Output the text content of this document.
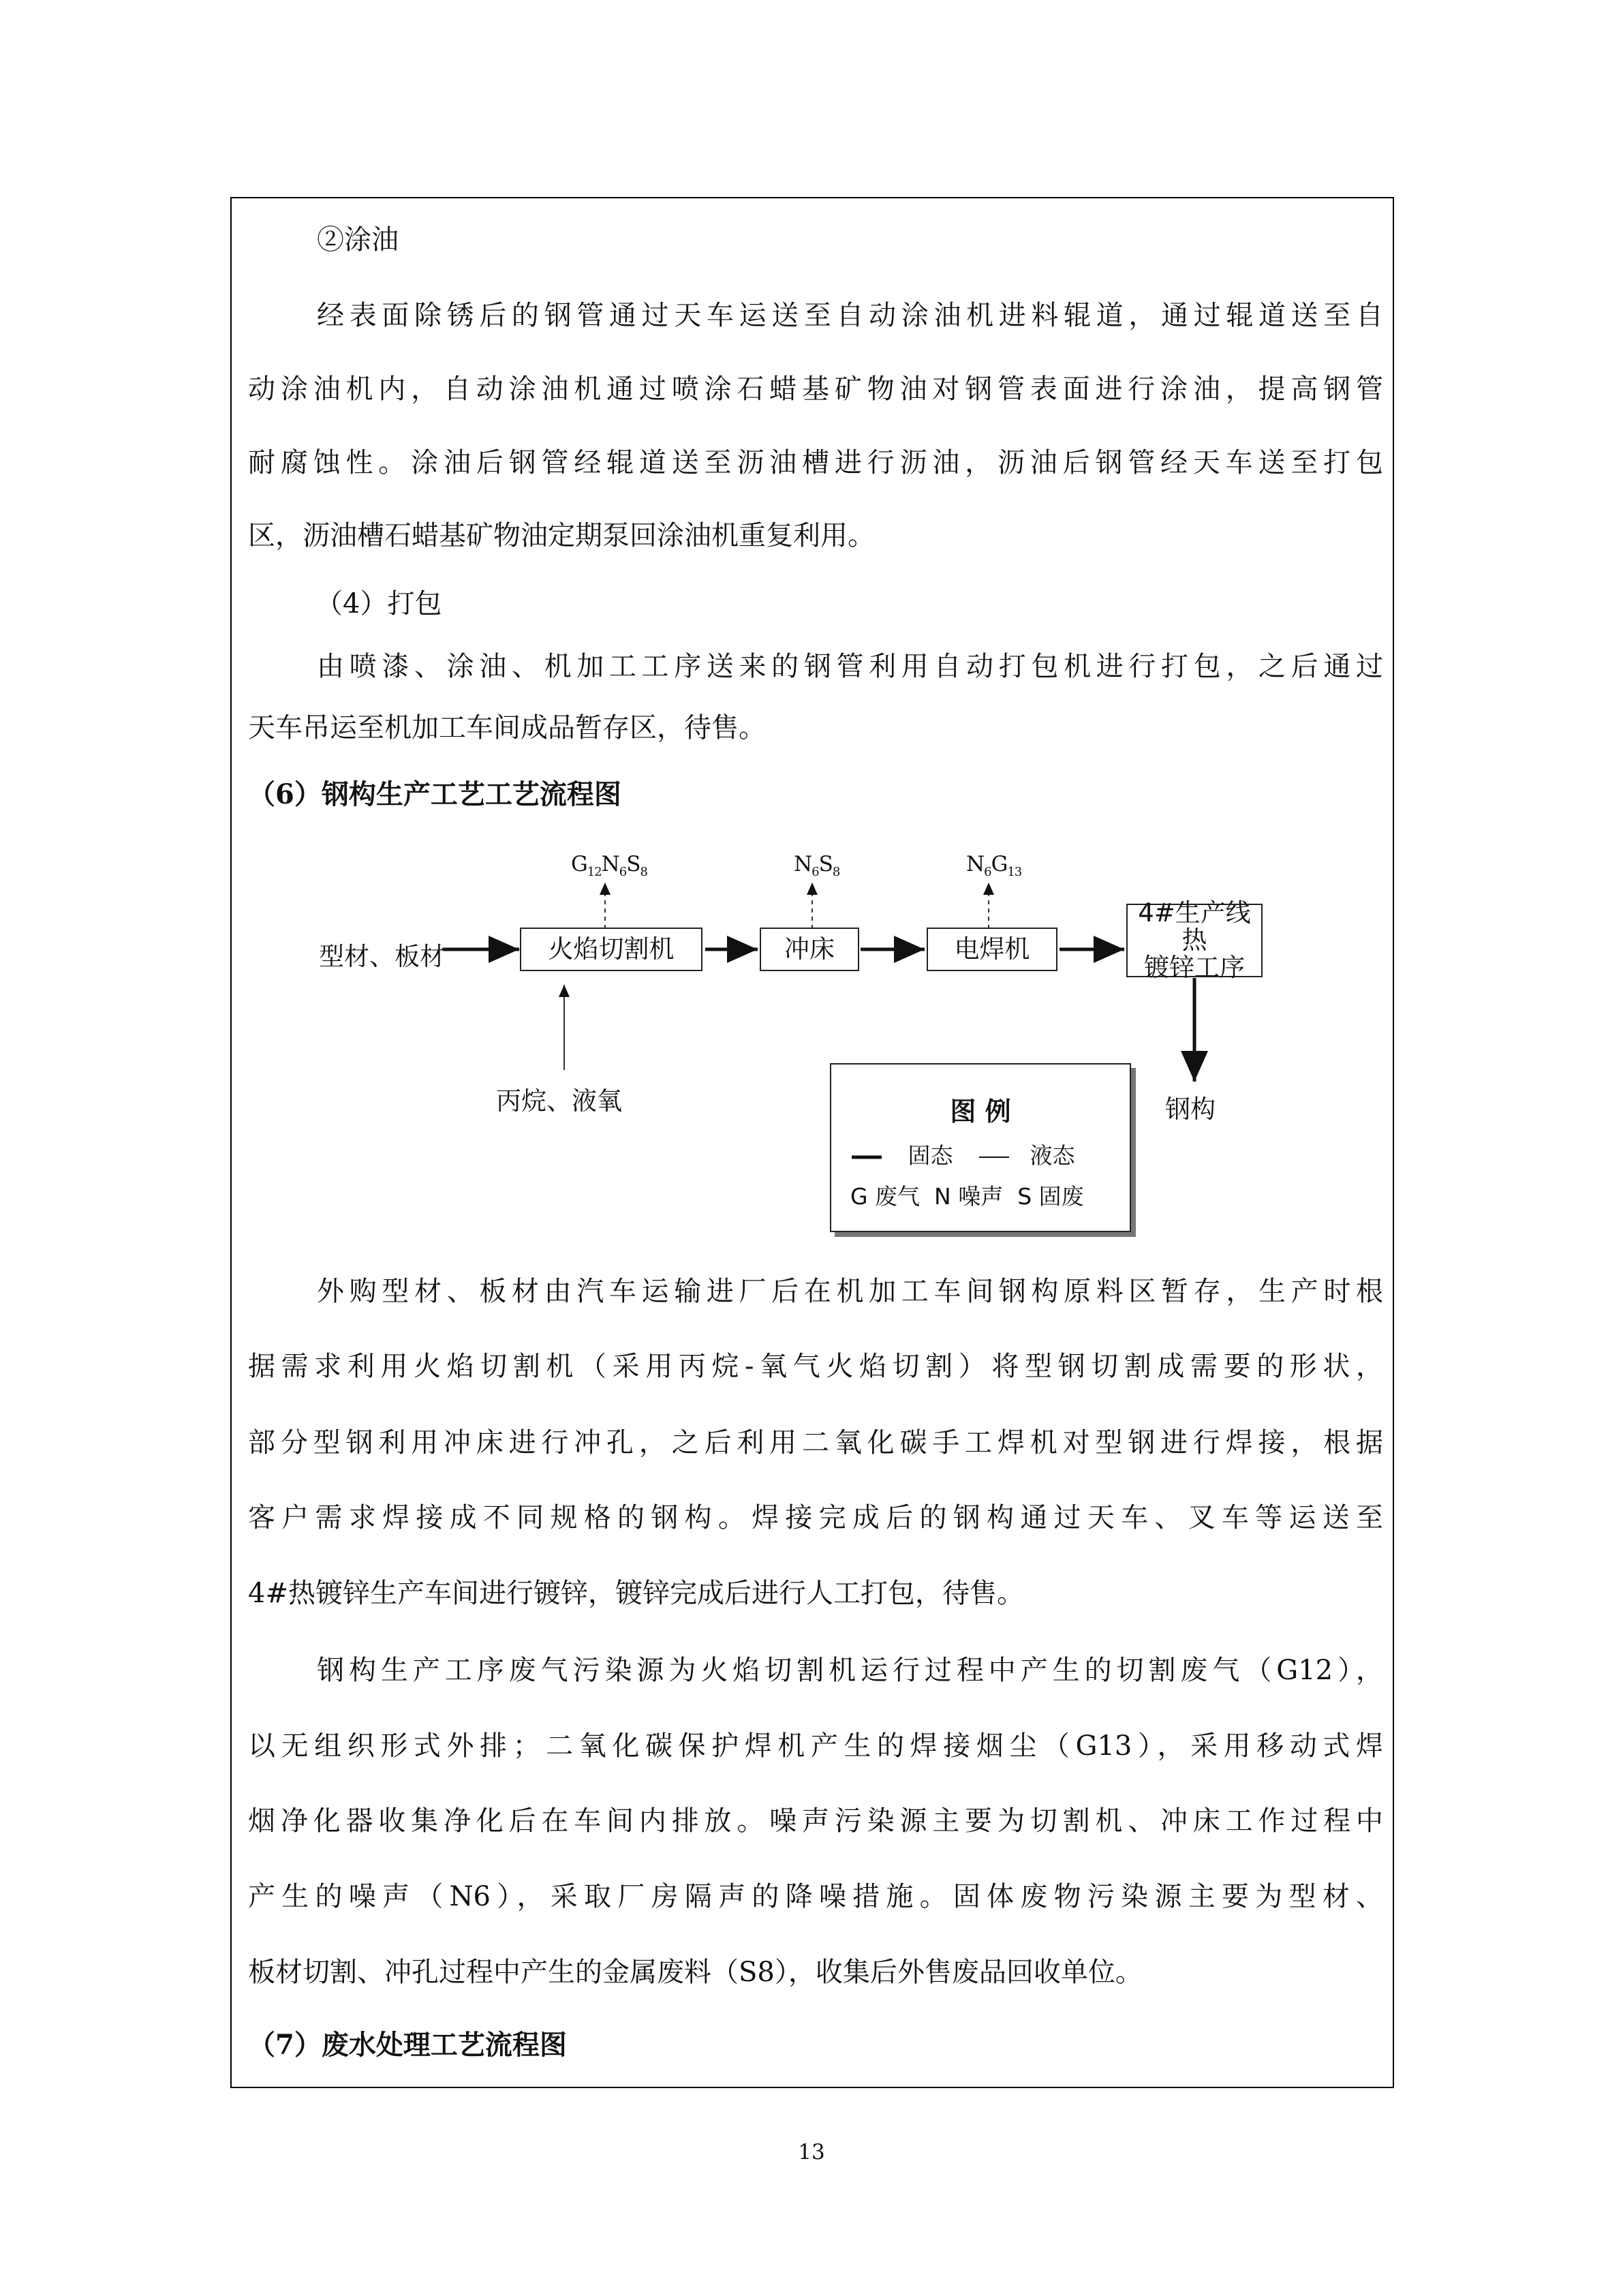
②涂油
经表面除锈后的钢管通过天车运送至自动涂油机进料辊道，通过辊道送至自
动涂油机内，自动涂油机通过喷涂石蜡基矿物油对钢管表面进行涂油，提高钢管
耐腐蚀性。涂油后钢管经辊道送至沥油槽进行沥油，沥油后钢管经天车送至打包
区，沥油槽石蜡基矿物油定期泵回涂油机重复利用。
（4）打包
由喷漆、涂油、机加工工序送来的钢管利用自动打包机进行打包，之后通过
天车吊运至机加工车间成品暂存区，待售。
（6）钢构生产工艺工艺流程图
型材、板材	火焰切割机	冲床	电焊机
4#生产线热
镀锌工序
丙烷、液氧	钢构
$G_{12}N_6S_8$	$N_6S_8$	$N_6G_{13}$
图 例
固态	液态
G 废气  N 噪声  S 固废
外购型材、板材由汽车运输进厂后在机加工车间钢构原料区暂存，生产时根
据需求利用火焰切割机（采用丙烷-氧气火焰切割）将型钢切割成需要的形状，
部分型钢利用冲床进行冲孔，之后利用二氧化碳手工焊机对型钢进行焊接，根据
客户需求焊接成不同规格的钢构。焊接完成后的钢构通过天车、叉车等运送至
4#热镀锌生产车间进行镀锌，镀锌完成后进行人工打包，待售。
钢构生产工序废气污染源为火焰切割机运行过程中产生的切割废气（G12），
以无组织形式外排；二氧化碳保护焊机产生的焊接烟尘（G13），采用移动式焊
烟净化器收集净化后在车间内排放。噪声污染源主要为切割机、冲床工作过程中
产生的噪声（N6），采取厂房隔声的降噪措施。固体废物污染源主要为型材、
板材切割、冲孔过程中产生的金属废料（S8），收集后外售废品回收单位。
（7）废水处理工艺流程图
13
